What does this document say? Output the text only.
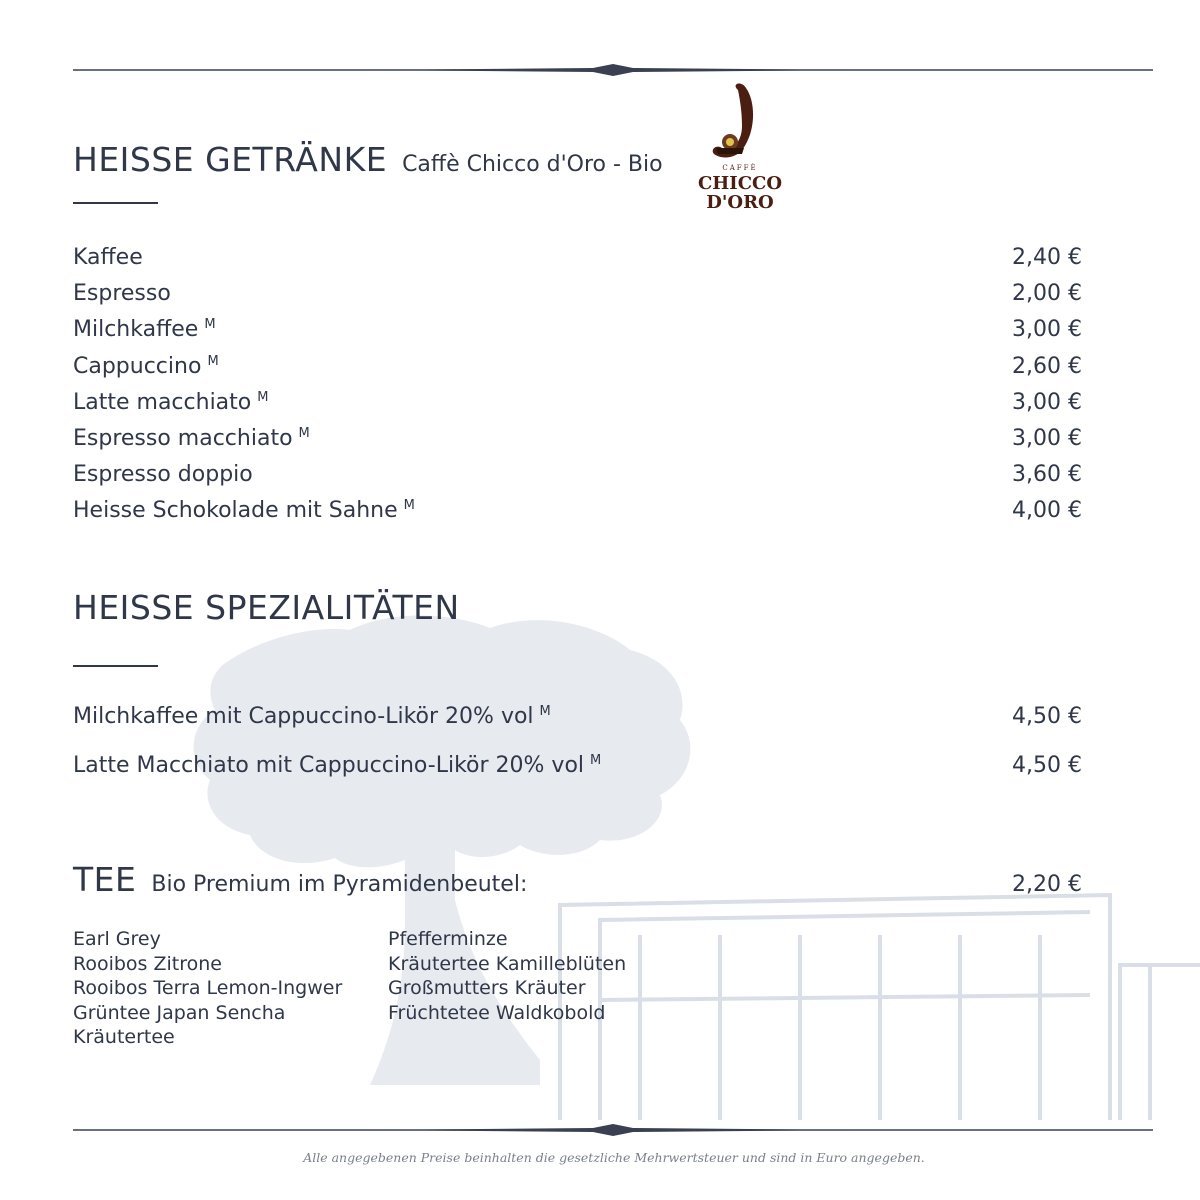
HEISSE GETRÄNKE Caffè Chicco d'Oro - Bio	CAFFÈ
CHICCO
D'ORO
Kaffee	2,40 €
Espresso	2,00 €
Milchkaffee $^M$	3,00 €
Cappuccino $^M$	2,60 €
Latte macchiato $^M$	3,00 €
Espresso macchiato $^M$	3,00 €
Espresso doppio	3,60 €
Heisse Schokolade mit Sahne $^M$	4,00 €
HEISSE SPEZIALITÄTEN
Milchkaffee mit Cappuccino-Likör 20% vol $^M$	4,50 €
Latte Macchiato mit Cappuccino-Likör 20% vol $^M$	4,50 €
TEE Bio Premium im Pyramidenbeutel:	2,20 €
Earl Grey
Rooibos Zitrone
Rooibos Terra Lemon-Ingwer
Grüntee Japan Sencha
Kräutertee
Pfefferminze
Kräutertee Kamilleblüten
Großmutters Kräuter
Früchtetee Waldkobold
Alle angegebenen Preise beinhalten die gesetzliche Mehrwertsteuer und sind in Euro angegeben.
